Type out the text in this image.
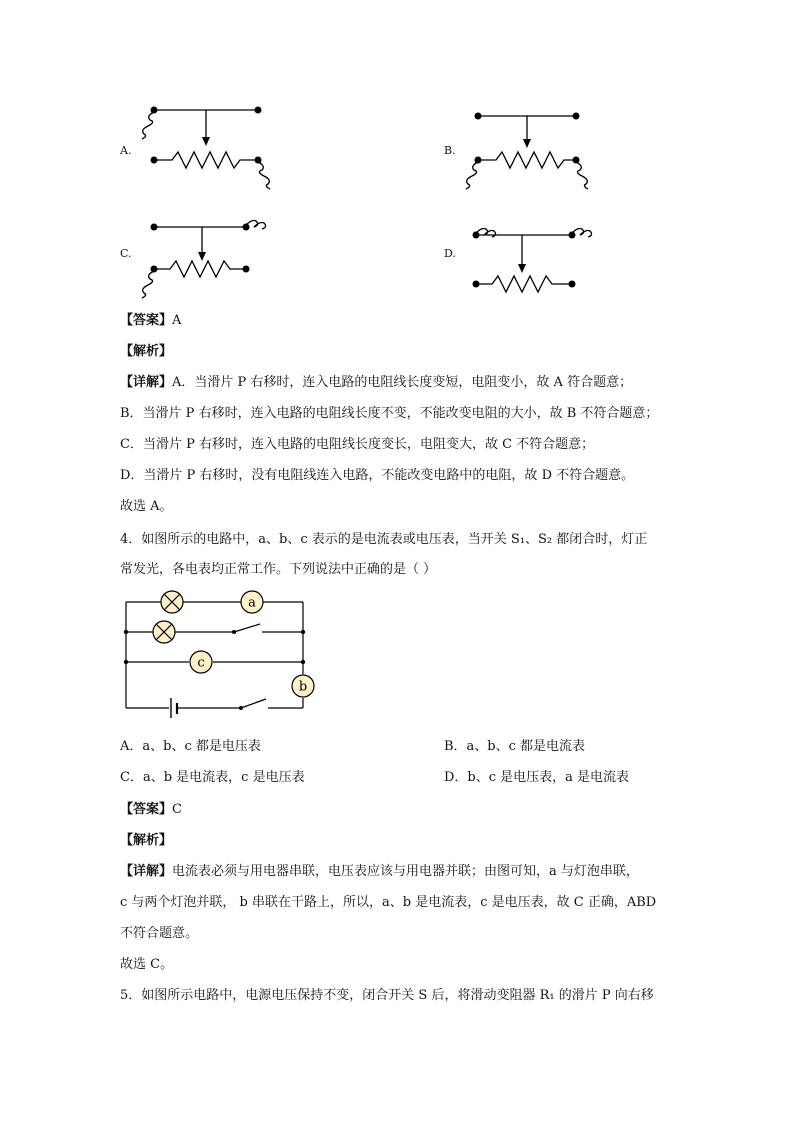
A.	B.
C.	D.
【答案】A
【解析】
【详解】A．当滑片 P 右移时，连入电路的电阻线长度变短，电阻变小，故 A 符合题意；
B．当滑片 P 右移时，连入电路的电阻线长度不变，不能改变电阻的大小，故 B 不符合题意；
C．当滑片 P 右移时，连入电路的电阻线长度变长，电阻变大，故 C 不符合题意；
D．当滑片 P 右移时，没有电阻线连入电路，不能改变电路中的电阻，故 D 不符合题意。
故选 A。
4．如图所示的电路中，a、b、c 表示的是电流表或电压表，当开关 S₁、S₂ 都闭合时，灯正
常发光，各电表均正常工作。下列说法中正确的是（ ）
a
c
b
A．a、b、c 都是电压表	B．a、b、c 都是电流表
C．a、b 是电流表，c 是电压表	D．b、c 是电压表，a 是电流表
【答案】C
【解析】
【详解】电流表必须与用电器串联，电压表应该与用电器并联；由图可知，a 与灯泡串联，
c 与两个灯泡并联， b 串联在干路上，所以，a、b 是电流表，c 是电压表，故 C 正确，ABD
不符合题意。
故选 C。
5．如图所示电路中，电源电压保持不变，闭合开关 S 后，将滑动变阻器 R₁ 的滑片 P 向右移
